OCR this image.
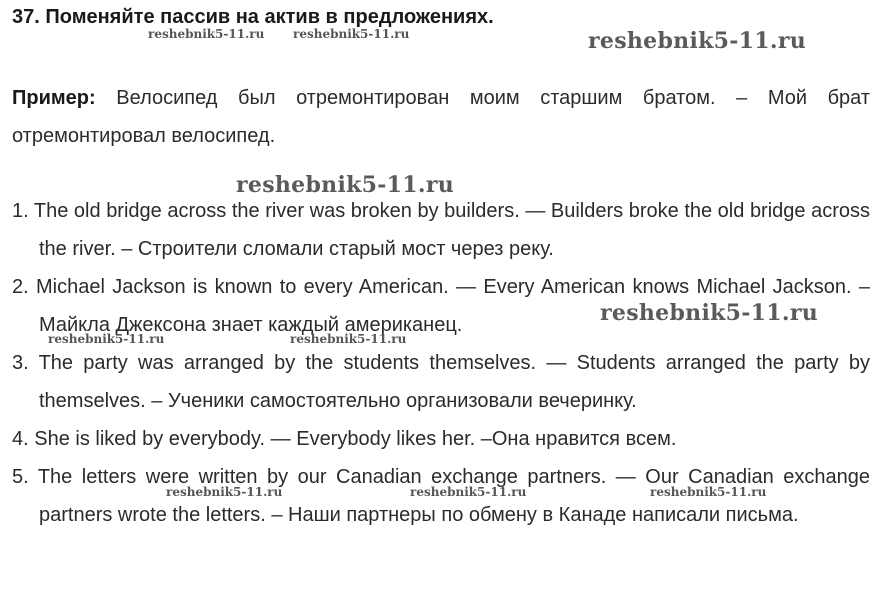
37. Поменяйте пассив на актив в предложениях.
Пример: Велосипед был отремонтирован моим старшим братом. – Мой брат отремонтировал велосипед.
1. The old bridge across the river was broken by builders. — Builders broke the old bridge across the river. – Строители сломали старый мост через реку.
2. Michael Jackson is known to every American. — Every American knows Michael Jackson. – Майкла Джексона знает каждый американец.
3. The party was arranged by the students themselves. — Students arranged the party by themselves. – Ученики самостоятельно организовали вечеринку.
4. She is liked by everybody. — Everybody likes her. –Она нравится всем.
5. The letters were written by our Canadian exchange partners. — Our Canadian exchange partners wrote the letters. – Наши партнеры по обмену в Канаде написали письма.
reshebnik5-11.ru reshebnik5-11.ru	reshebnik5-11.ru
reshebnik5-11.ru
reshebnik5-11.ru
reshebnik5-11.ru	reshebnik5-11.ru
reshebnik5-11.ru	reshebnik5-11.ru	reshebnik5-11.ru
